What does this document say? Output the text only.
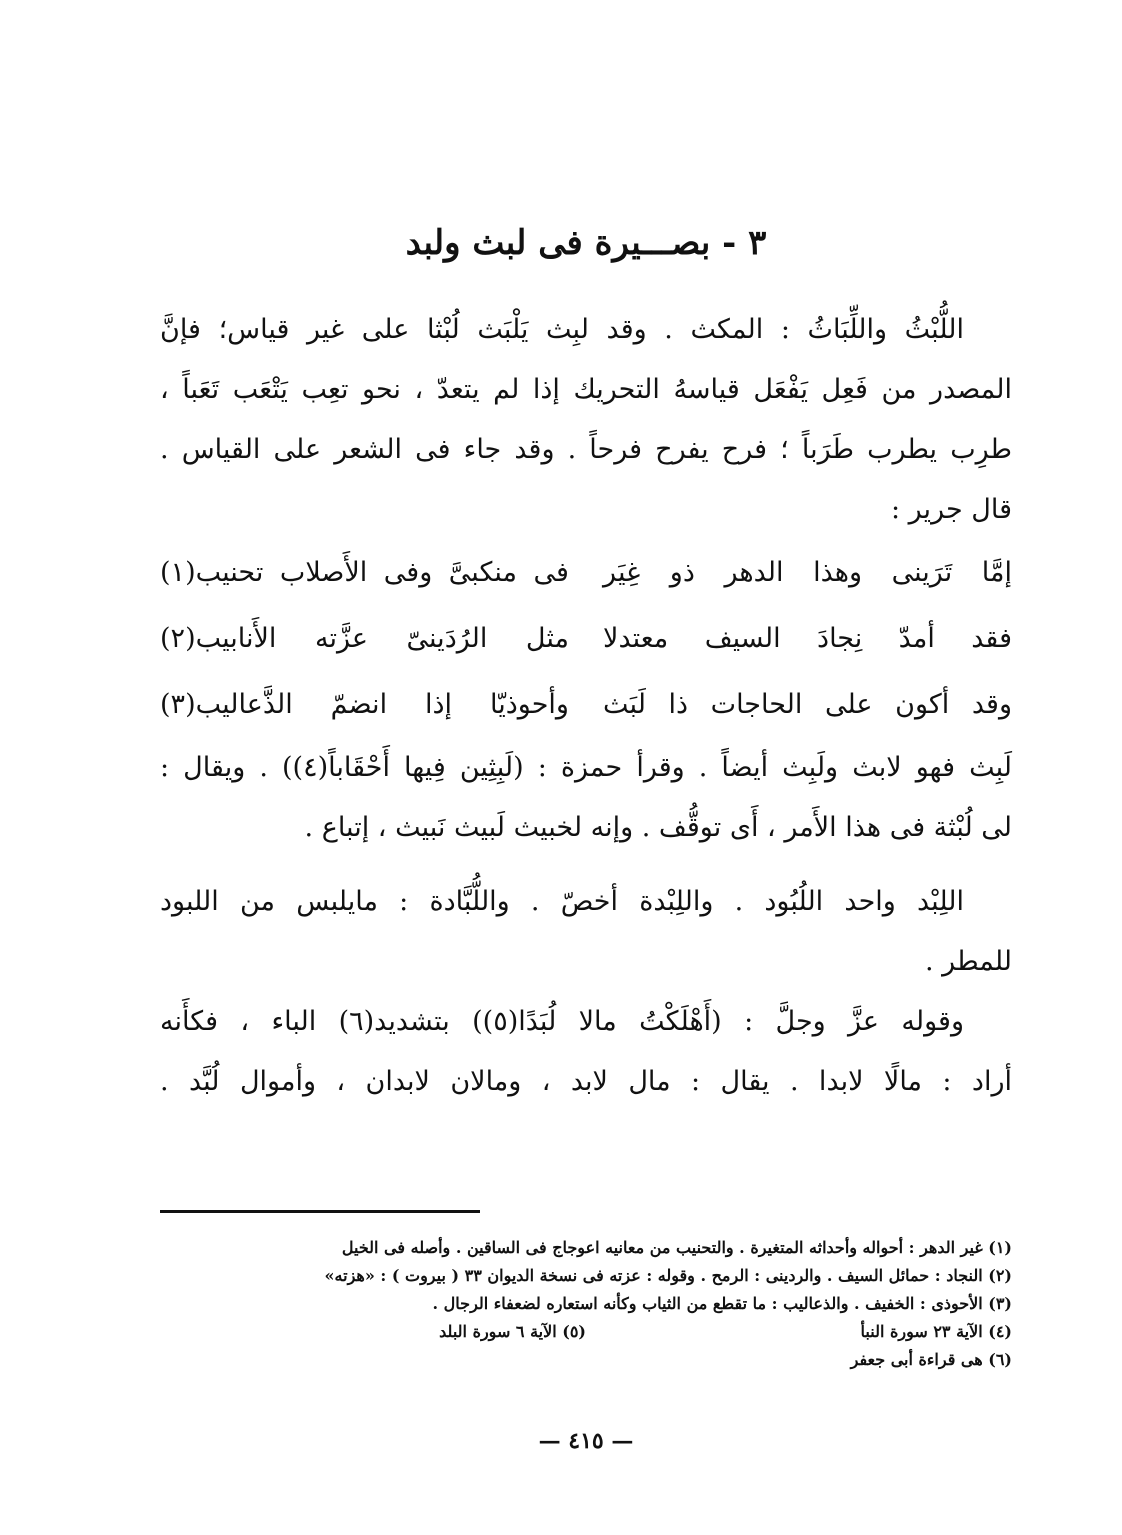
٣ - بصـــيرة فى لبث ولبد
اللُّبْثُ واللِّبَاثُ : المكث . وقد لبِث يَلْبَث لُبْثا على غير قياس؛ فإنَّ
المصدر من فَعِل يَفْعَل قياسهُ التحريك إذا لم يتعدّ ، نحو تعِب يَتْعَب تَعَباً ،
طرِب يطرب طَرَباً ؛ فرح يفرح فرحاً . وقد جاء فى الشعر على القياس .
قال جرير :
إمَّا تَرَينى وهذا الدهر ذو غِيَر
فى منكبىَّ وفى الأَصلاب تحنيب(١)
فقد أمدّ نِجادَ السيف معتدلا
مثل الرُدَينىّ عزَّته الأَنابيب(٢)
وقد أكون على الحاجات ذا لَبَث
وأحوذيّا إذا انضمّ الذَّعاليب(٣)
لَبِث فهو لابث ولَبِث أيضاً . وقرأ حمزة : (لَبِثِين فِيها أَحْقَاباً(٤)) . ويقال :
لى لُبْثة فى هذا الأَمر ، أَى توقُّف . وإنه لخبيث لَبيث نَبيث ، إتباع .
اللِبْد واحد اللُبُود . واللِبْدة أخصّ . واللُّبَّادة : مايلبس من اللبود
للمطر .
وقوله عزَّ وجلَّ : (أَهْلَكْتُ مالا لُبَدًا(٥)) بتشديد(٦) الباء ، فكأَنه
أراد : مالًا لابدا . يقال : مال لابد ، ومالان لابدان ، وأموال لُبَّد .
(١) غير الدهر : أحواله وأحداثه المتغيرة . والتحنيب من معانيه اعوجاج فى الساقين . وأصله فى الخيل
(٢) النجاد : حمائل السيف . والردينى : الرمح . وقوله : عزته فى نسخة الديوان ٣٣ ( بيروت ) : «هزته»
(٣) الأحوذى : الخفيف . والذعاليب : ما تقطع من الثياب وكأنه استعاره لضعفاء الرجال .
(٤) الآية ٢٣ سورة النبأ
(٥) الآية ٦ سورة البلد
(٦) هى قراءة أبى جعفر
— ٤١٥ —
